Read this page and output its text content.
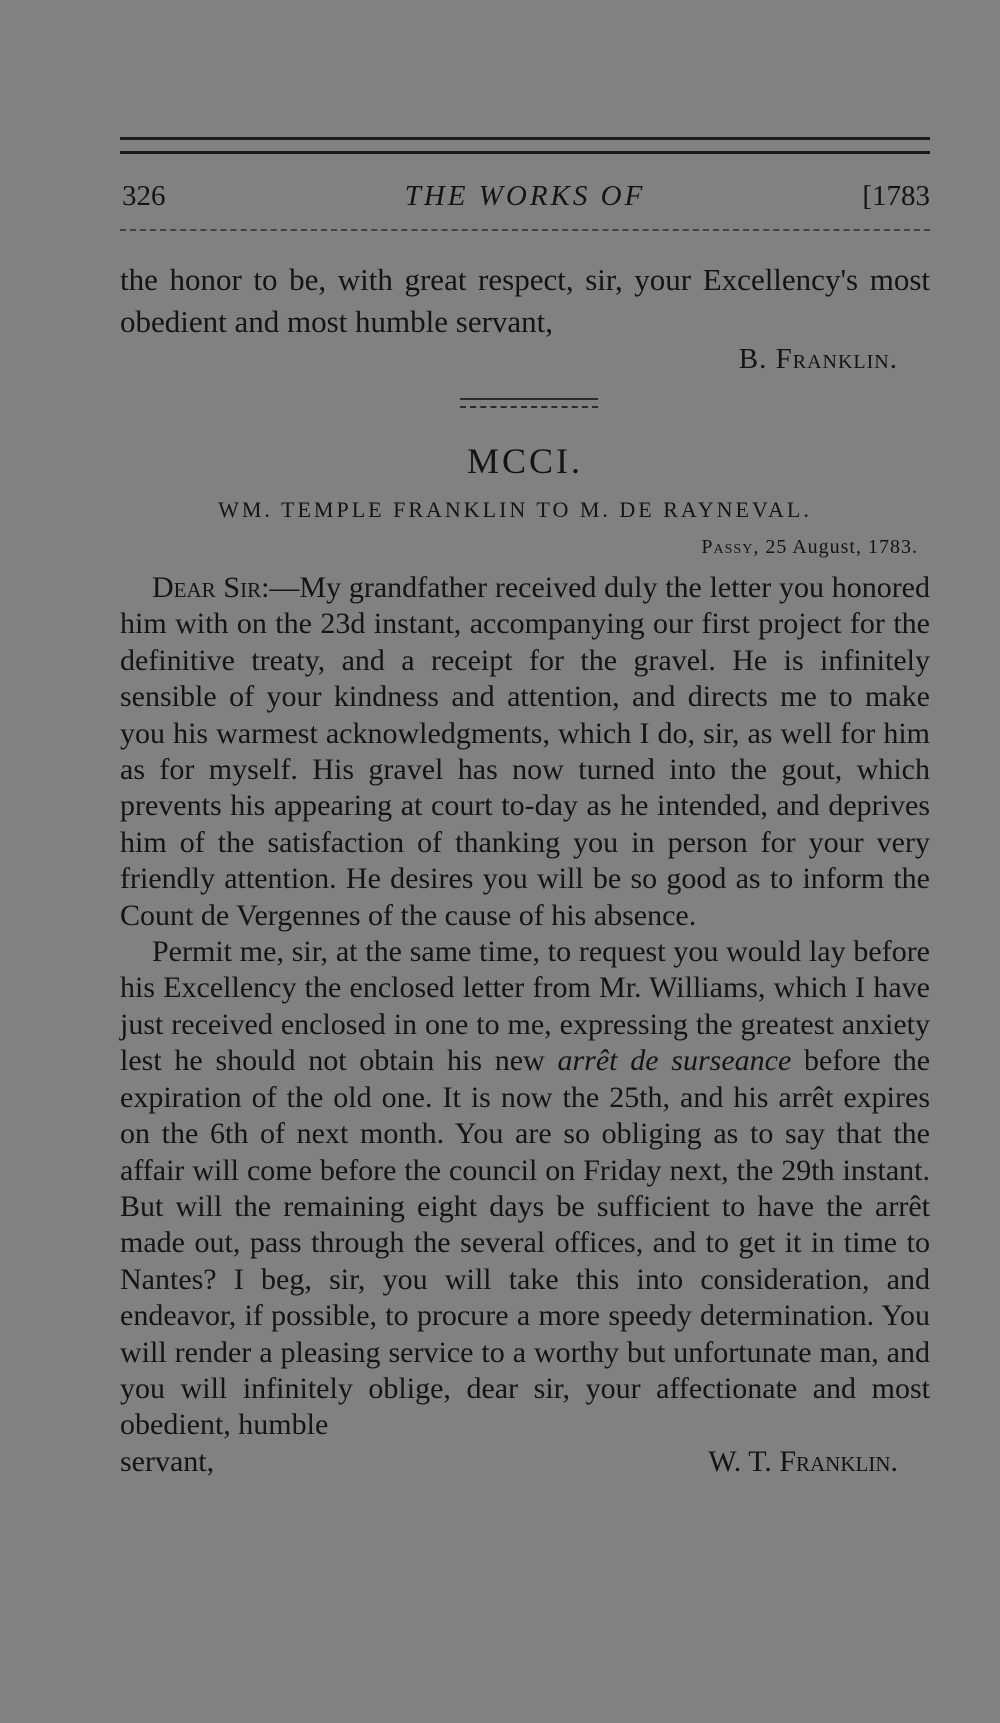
326	THE WORKS OF	[1783

the honor to be, with great respect, sir, your Excellency's most obedient and most humble servant,

B. Franklin.
MCCI.
WM. TEMPLE FRANKLIN TO M. DE RAYNEVAL.
Passy, 25 August, 1783.

Dear Sir:—My grandfather received duly the letter you honored him with on the 23d instant, accompanying our first project for the definitive treaty, and a receipt for the gravel. He is infinitely sensible of your kindness and attention, and directs me to make you his warmest acknowledgments, which I do, sir, as well for him as for myself. His gravel has now turned into the gout, which prevents his appearing at court to-day as he intended, and deprives him of the satisfaction of thanking you in person for your very friendly attention. He desires you will be so good as to inform the Count de Vergennes of the cause of his absence.

Permit me, sir, at the same time, to request you would lay before his Excellency the enclosed letter from Mr. Williams, which I have just received enclosed in one to me, expressing the greatest anxiety lest he should not obtain his new arrêt de surseance before the expiration of the old one. It is now the 25th, and his arrêt expires on the 6th of next month. You are so obliging as to say that the affair will come before the council on Friday next, the 29th instant. But will the remaining eight days be sufficient to have the arrêt made out, pass through the several offices, and to get it in time to Nantes? I beg, sir, you will take this into consideration, and endeavor, if possible, to procure a more speedy determination. You will render a pleasing service to a worthy but unfortunate man, and you will infinitely oblige, dear sir, your affectionate and most obedient, humble

servant,	W. T. Franklin.
